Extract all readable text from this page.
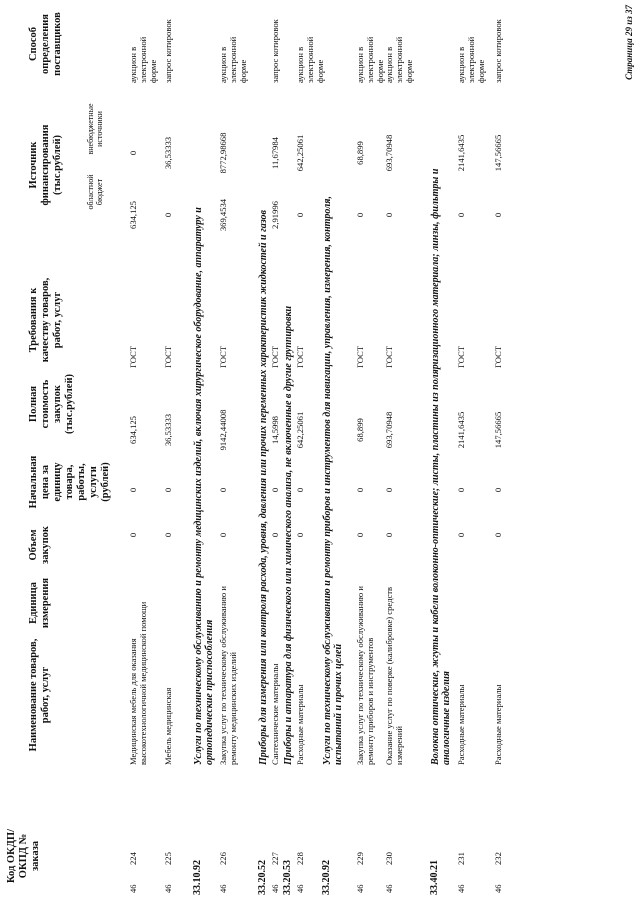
Код ОКДП/ ОКПД № заказа
Наименование товаров, работ, услуг
Единица измерения
Объем закупок
Начальная цена за единицу товара, работы, услуги (рублей)
Полная стоимость закупок (тыс.рублей)
Требования к качеству товаров, работ, услуг
Источник финансирования (тыс.рублей)	областной бюджет
внебюджетные источники
Способ определения поставщиков
46
224
Медицинская мебель для оказания высокотехнологичной медицинской помощи
0
0
634,125
ГОСТ
634,125
0
аукцион в электронной форме
46
225
Мебель медицинская
0
0
36,53333
ГОСТ
0
36,53333
запрос котировок
33.10.92
Услуги по техническому обслуживанию и ремонту медицинских изделий, включая хирургическое оборудование, аппаратуру и ортопедические приспособления
46
226
Закупка услуг по техническому обслуживанию и ремонту медицинских изделий
0
0
9142,44008
ГОСТ
369,4534
8772,98668
аукцион в электронной форме
33.20.52
Приборы для измерения или контроля расхода, уровня, давления или прочих переменных характеристик жидкостей и газов
46
227
Сантехнические материалы
0
0
14,5998
ГОСТ
2,91996
11,67984
запрос котировок
33.20.53
Приборы и аппаратура для физического или химического анализа, не включенные в другие группировки
46
228
Расходные материалы
0
0
642,25061
ГОСТ
0
642,25061
аукцион в электронной форме
33.20.92
Услуги по техническому обслуживанию и ремонту приборов и инструментов для навигации, управления, измерения, контроля, испытаний и прочих целей
46
229
Закупка услуг по техническому обслуживанию и ремонту приборов и инструментов
0
0
68,899
ГОСТ
0
68,899
аукцион в электронной форме
46
230
Оказание услуг по поверке (калибровке) средств измерений
0
0
693,70948
ГОСТ
0
693,70948
аукцион в электронной форме
33.40.21
Волокна оптические, жгуты и кабели волоконно-оптические; листы, пластины из поляризационного материала; линзы, фильтры и аналогичные изделия
46
231
Расходные материалы
0
0
2141,6435
ГОСТ
0
2141,6435
аукцион в электронной форме
46
232
Расходные материалы
0
0
147,56665
ГОСТ
0
147,56665
запрос котировок	Страница 29 из 37
